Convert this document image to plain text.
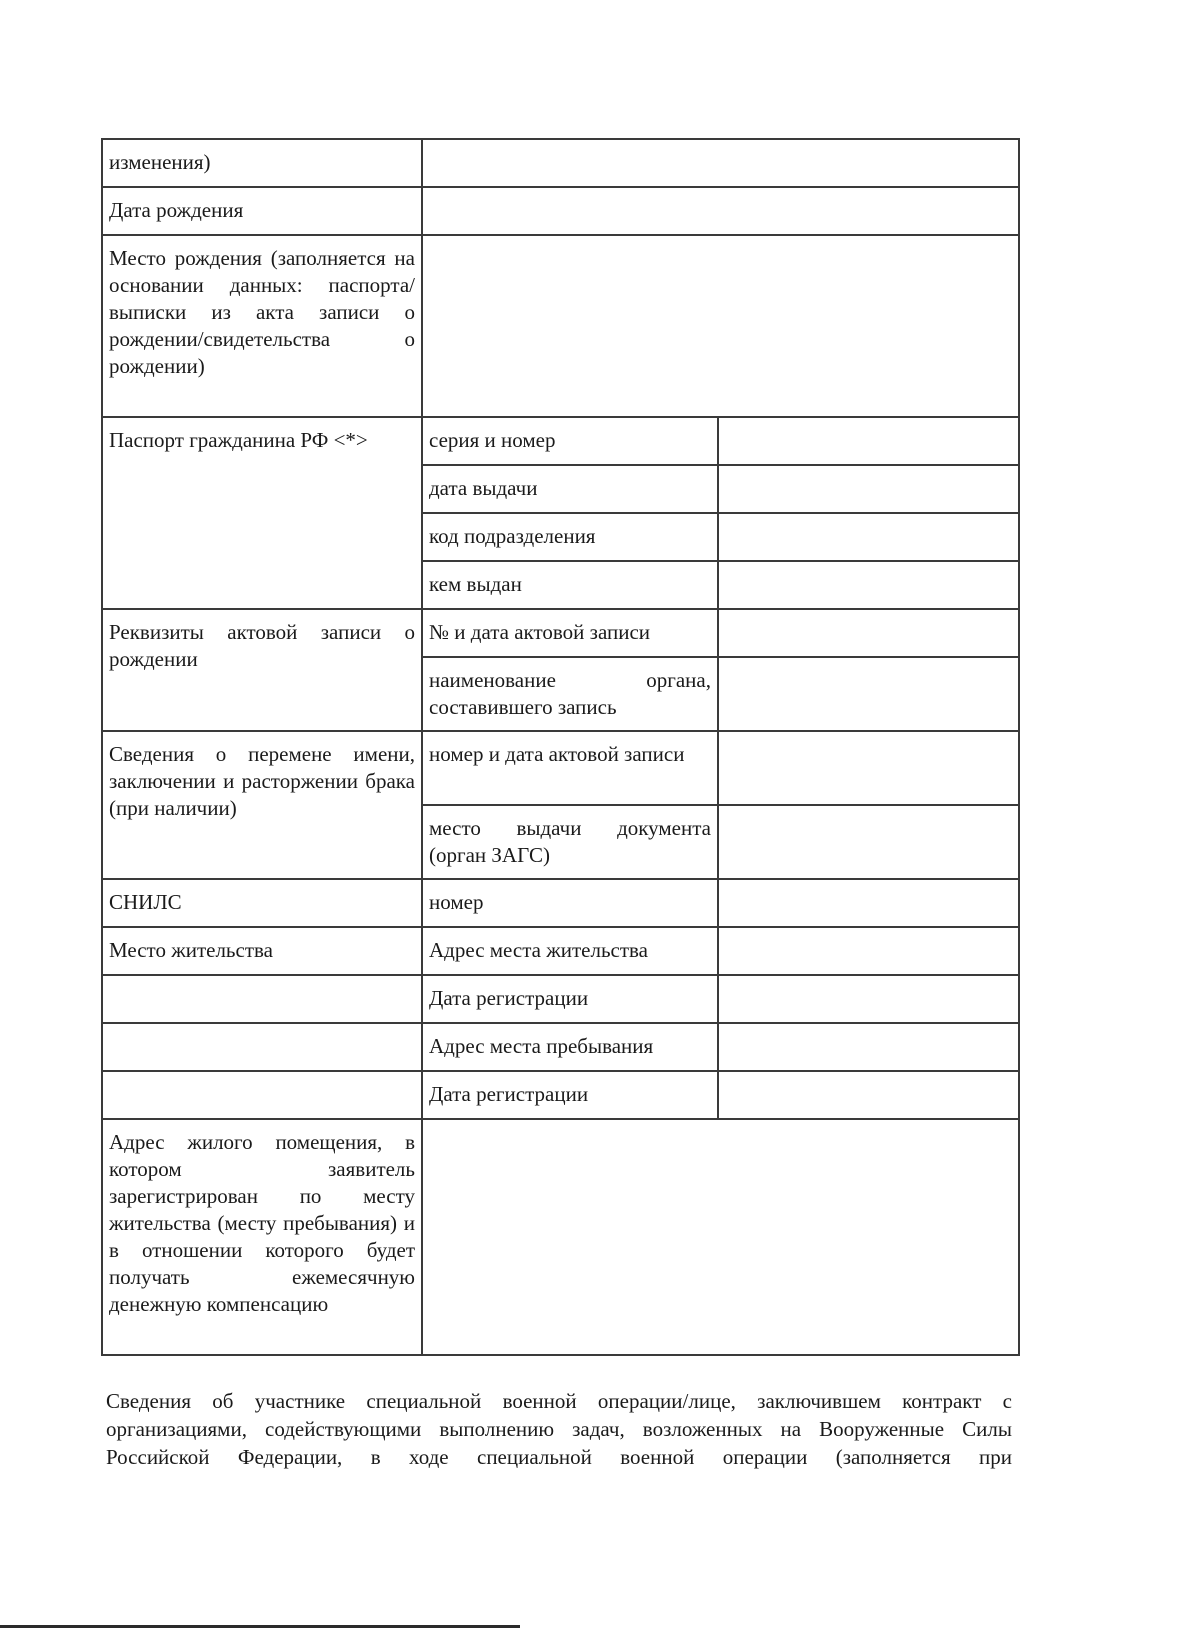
изменения)		
Дата рождения		
Место рождения (заполняется на основании данных: паспорта/выписки из акта записи о рождении/свидетельства о рождении)		
Паспорт гражданина РФ <*>	серия и номер	
	дата выдачи	
	код подразделения	
	кем выдан	
Реквизиты актовой записи о рождении	№ и дата актовой записи	
	наименование органа, составившего запись	
Сведения о перемене имени, заключении и расторжении брака (при наличии)	номер и дата актовой записи	
	место выдачи документа (орган ЗАГС)	
СНИЛС	номер	
Место жительства	Адрес места жительства	
	Дата регистрации	
	Адрес места пребывания	
	Дата регистрации	
Адрес жилого помещения, в котором заявитель зарегистрирован по месту жительства (месту пребывания) и в отношении которого будет получать ежемесячную денежную компенсацию		

Сведения об участнике специальной военной операции/лице, заключившем контракт с организациями, содействующими выполнению задач, возложенных на Вооруженные Силы Российской Федерации, в ходе специальной военной операции (заполняется при
